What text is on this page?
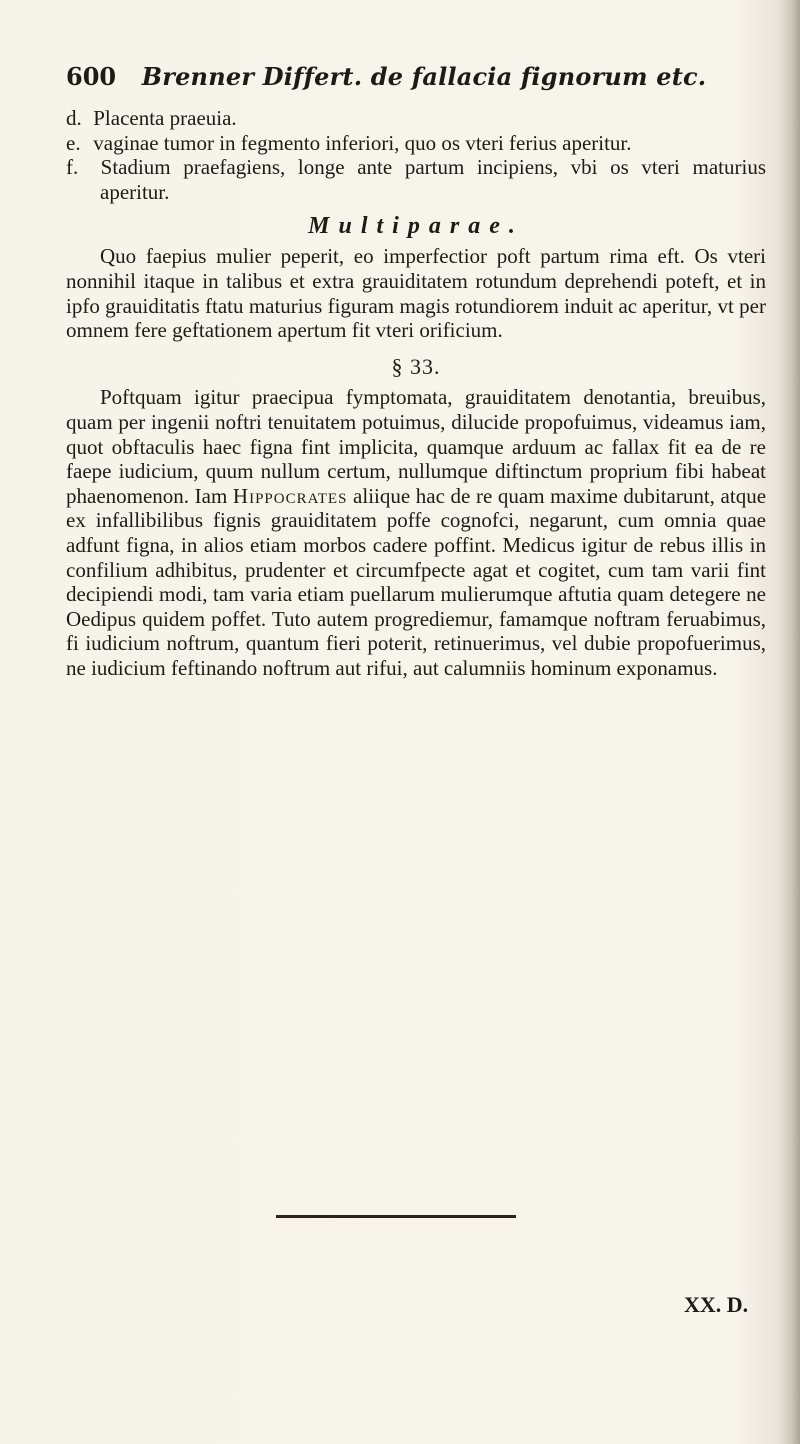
600 Brenner Differt. de fallacia fignorum etc.
d. Placenta praeuia.
e. vaginae tumor in fegmento inferiori, quo os vteri ferius aperitur.
f. Stadium praefagiens, longe ante partum incipiens, vbi os vteri maturius aperitur.
Multiparae.
Quo faepius mulier peperit, eo imperfectior poft partum rima eft. Os vteri nonnihil itaque in talibus et extra grauiditatem rotundum deprehendi poteft, et in ipfo grauiditatis ftatu maturius figuram magis rotundiorem induit ac aperitur, vt per omnem fere geftationem apertum fit vteri orificium.
§ 33.
Poftquam igitur praecipua fymptomata, grauiditatem denotantia, breuibus, quam per ingenii noftri tenuitatem potuimus, dilucide propofuimus, videamus iam, quot obftaculis haec figna fint implicita, quamque arduum ac fallax fit ea de re faepe iudicium, quum nullum certum, nullumque diftinctum proprium fibi habeat phaenomenon. Iam Hippocrates aliique hac de re quam maxime dubitarunt, atque ex infallibilibus fignis grauiditatem poffe cognofci, negarunt, cum omnia quae adfunt figna, in alios etiam morbos cadere poffint. Medicus igitur de rebus illis in confilium adhibitus, prudenter et circumfpecte agat et cogitet, cum tam varii fint decipiendi modi, tam varia etiam puellarum mulierumque aftutia quam detegere ne Oedipus quidem poffet. Tuto autem progrediemur, famamque noftram feruabimus, fi iudicium noftrum, quantum fieri poterit, retinuerimus, vel dubie propofuerimus, ne iudicium feftinando noftrum aut rifui, aut calumniis hominum exponamus.
XX. D.
